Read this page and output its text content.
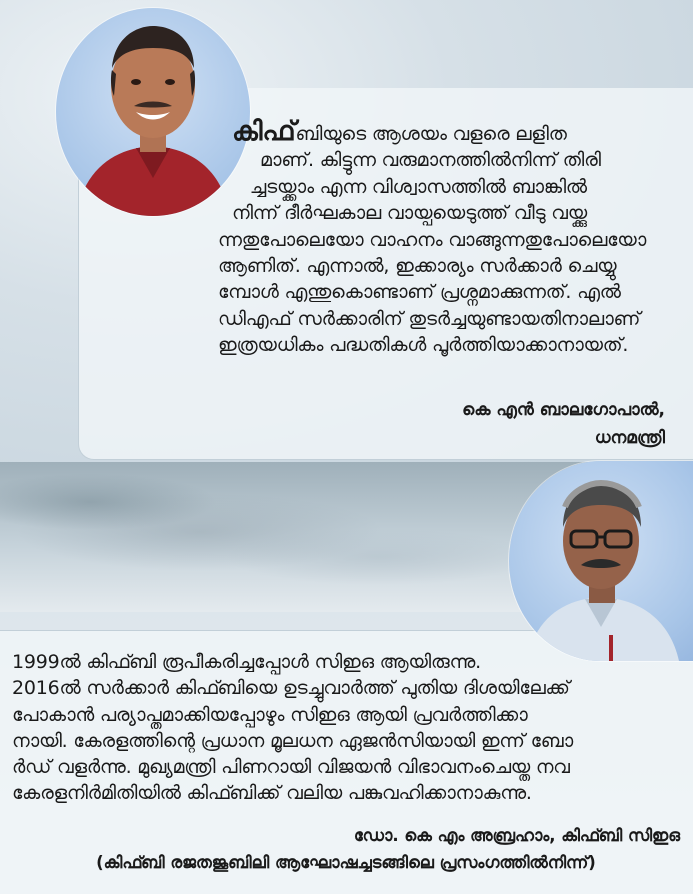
കിഫ്ബിയുടെ ആശയം വളരെ ലളിത
മാണ്. കിട്ടുന്ന വരുമാനത്തിൽനിന്ന് തിരി
ച്ചടയ്ക്കാം എന്ന വിശ്വാസത്തിൽ ബാങ്കിൽ
നിന്ന് ദീർഘകാല വായ്പയെടുത്ത് വീടു വയ്ക്കു
ന്നതുപോലെയോ വാഹനം വാങ്ങുന്നതുപോലെയോ
ആണിത്. എന്നാൽ, ഇക്കാര്യം സർക്കാർ ചെയ്യു
മ്പോൾ എന്തുകൊണ്ടാണ് പ്രശ്നമാക്കുന്നത്. എൽ
ഡിഎഫ് സർക്കാരിന് തുടർച്ചയുണ്ടായതിനാലാണ്
ഇത്രയധികം പദ്ധതികൾ പൂർത്തിയാക്കാനായത്.
കെ എൻ ബാലഗോപാൽ,
ധനമന്ത്രി
1999ൽ കിഫ്ബി രൂപീകരിച്ചപ്പോൾ സിഇഒ ആയിരുന്നു.
2016ൽ സർക്കാർ കിഫ്ബിയെ ഉടച്ചുവാർത്ത് പുതിയ ദിശയിലേക്ക്
പോകാൻ പര്യാപ്തമാക്കിയപ്പോഴും സിഇഒ ആയി പ്രവർത്തിക്കാ
നായി. കേരളത്തിന്റെ പ്രധാന മൂലധന ഏജൻസിയായി ഇന്ന് ബോ
ർഡ് വളർന്നു. മുഖ്യമന്ത്രി പിണറായി വിജയൻ വിഭാവനംചെയ്ത നവ
കേരളനിർമിതിയിൽ കിഫ്ബിക്ക് വലിയ പങ്കുവഹിക്കാനാകുന്നു.
ഡോ. കെ എം അബ്രഹാം, കിഫ്ബി സിഇഒ
(കിഫ്ബി രജതജൂബിലി ആഘോഷച്ചടങ്ങിലെ പ്രസംഗത്തിൽനിന്ന്)
